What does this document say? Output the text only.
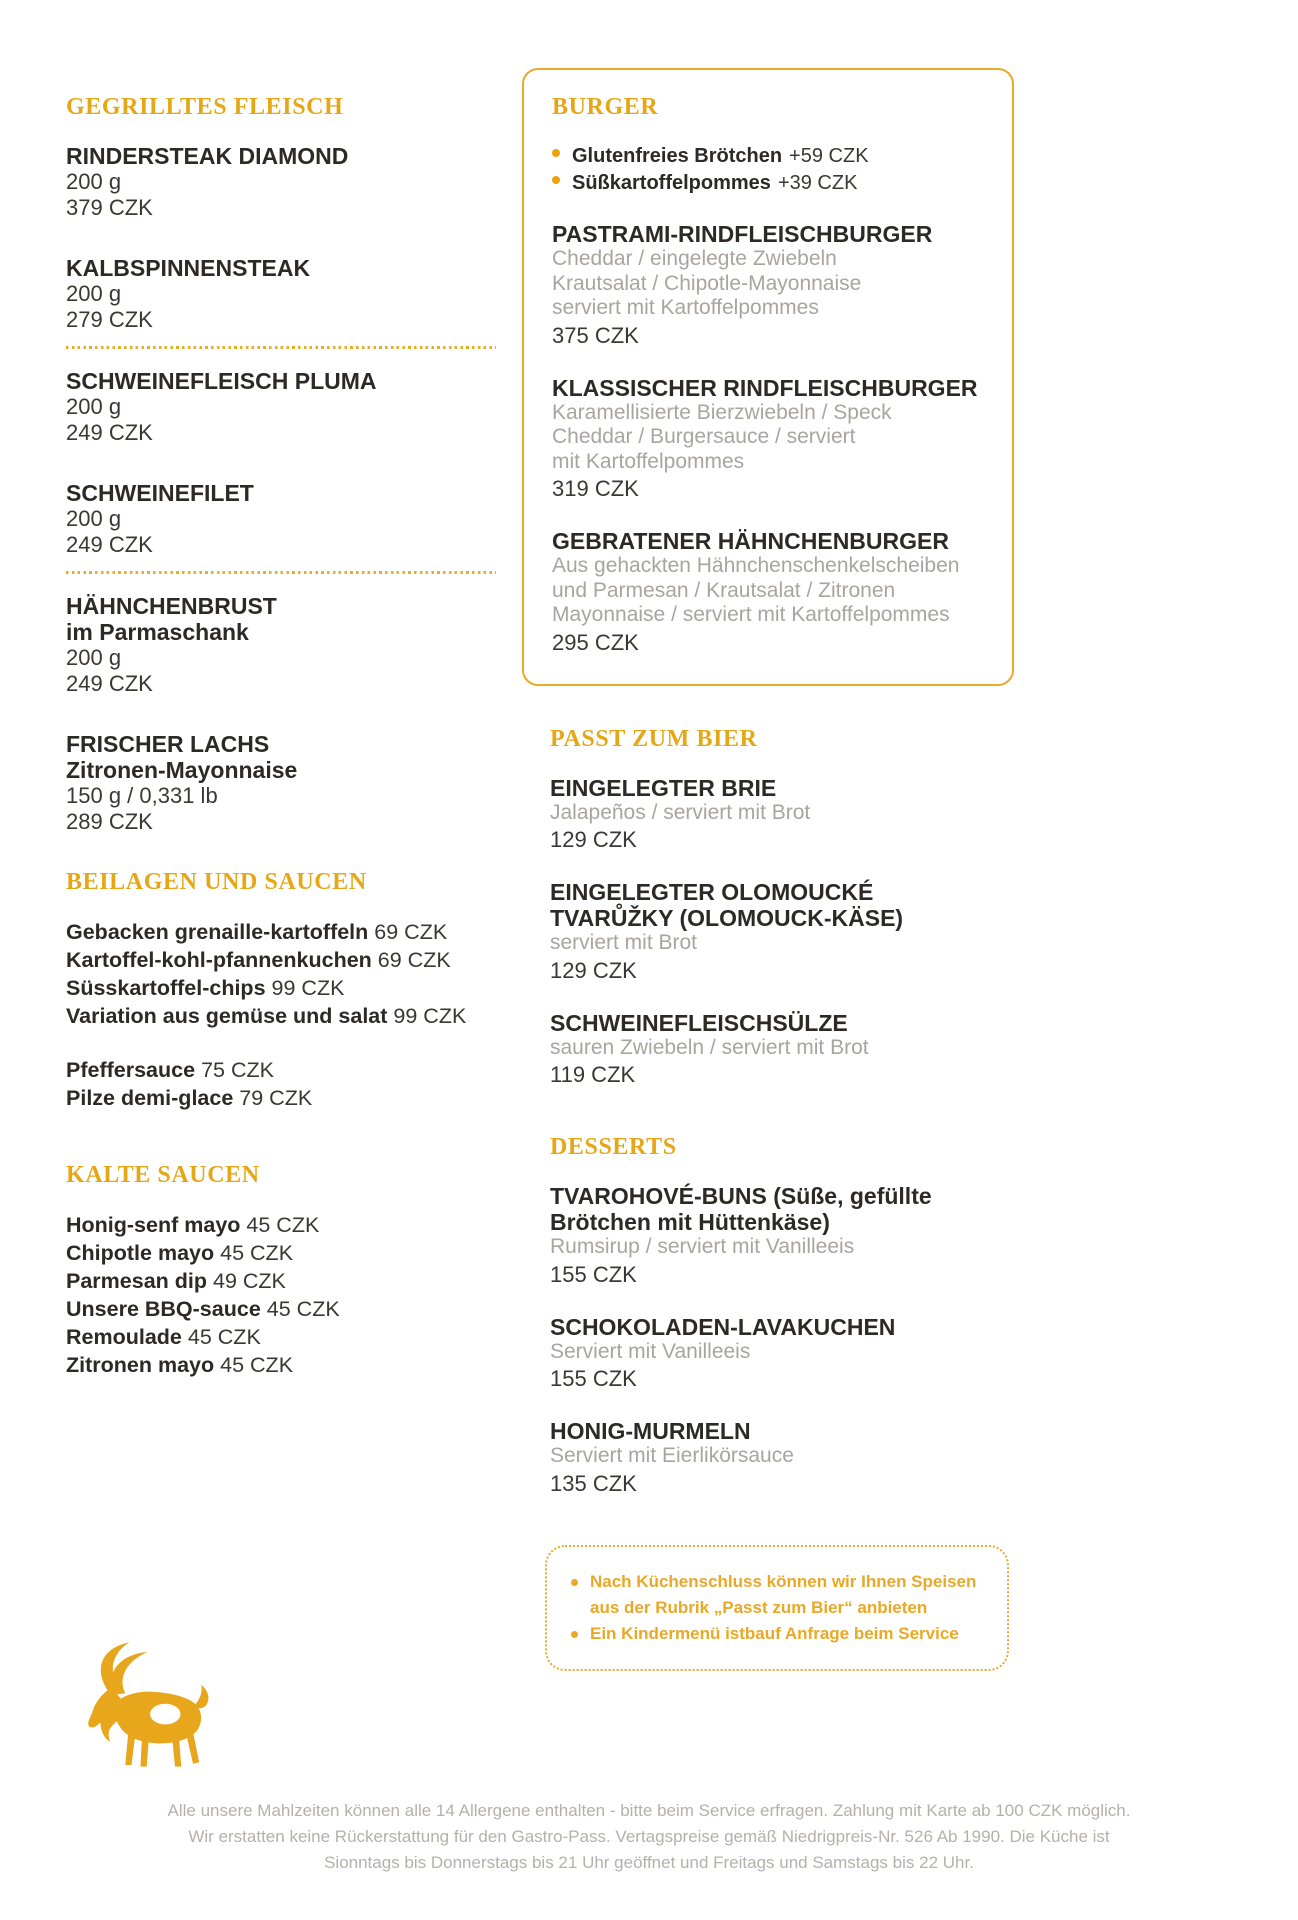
GEGRILLTES FLEISCH
RINDERSTEAK DIAMOND
200 g
379 CZK
KALBSPINNENSTEAK
200 g
279 CZK
SCHWEINEFLEISCH PLUMA
200 g
249 CZK
SCHWEINEFILET
200 g
249 CZK
HÄHNCHENBRUST
im Parmaschank
200 g
249 CZK
FRISCHER LACHS
Zitronen-Mayonnaise
150 g / 0,331 lb
289 CZK
BEILAGEN UND SAUCEN
Gebacken grenaille-kartoffeln 69 CZK
Kartoffel-kohl-pfannenkuchen 69 CZK
Süsskartoffel-chips 99 CZK
Variation aus gemüse und salat 99 CZK
Pfeffersauce 75 CZK
Pilze demi-glace 79 CZK
KALTE SAUCEN
Honig-senf mayo 45 CZK
Chipotle mayo 45 CZK
Parmesan dip 49 CZK
Unsere BBQ-sauce 45 CZK
Remoulade 45 CZK
Zitronen mayo 45 CZK
BURGER
Glutenfreies Brötchen +59 CZK
Süßkartoffelpommes +39 CZK
PASTRAMI-RINDFLEISCHBURGER
Cheddar / eingelegte Zwiebeln
Krautsalat / Chipotle-Mayonnaise
serviert mit Kartoffelpommes
375 CZK
KLASSISCHER RINDFLEISCHBURGER
Karamellisierte Bierzwiebeln / Speck
Cheddar / Burgersauce / serviert
mit Kartoffelpommes
319 CZK
GEBRATENER HÄHNCHENBURGER
Aus gehackten Hähnchenschenkelscheiben
und Parmesan / Krautsalat / Zitronen
Mayonnaise / serviert mit Kartoffelpommes
295 CZK
PASST ZUM BIER
EINGELEGTER BRIE
Jalapeños / serviert mit Brot
129 CZK
EINGELEGTER OLOMOUCKÉ
TVARŮŽKY (OLOMOUCK-KÄSE)
serviert mit Brot
129 CZK
SCHWEINEFLEISCHSÜLZE
sauren Zwiebeln / serviert mit Brot
119 CZK
DESSERTS
TVAROHOVÉ-BUNS (Süße, gefüllte
Brötchen mit Hüttenkäse)
Rumsirup / serviert mit Vanilleeis
155 CZK
SCHOKOLADEN-LAVAKUCHEN
Serviert mit Vanilleeis
155 CZK
HONIG-MURMELN
Serviert mit Eierlikörsauce
135 CZK
Nach Küchenschluss können wir Ihnen Speisen aus der Rubrik „Passt zum Bier“ anbieten
Ein Kindermenü istbauf Anfrage beim Service
Alle unsere Mahlzeiten können alle 14 Allergene enthalten - bitte beim Service erfragen. Zahlung mit Karte ab 100 CZK möglich.
Wir erstatten keine Rückerstattung für den Gastro-Pass. Vertagspreise gemäß Niedrigpreis-Nr. 526 Ab 1990. Die Küche ist
Sionntags bis Donnerstags bis 21 Uhr geöffnet und Freitags und Samstags bis 22 Uhr.
